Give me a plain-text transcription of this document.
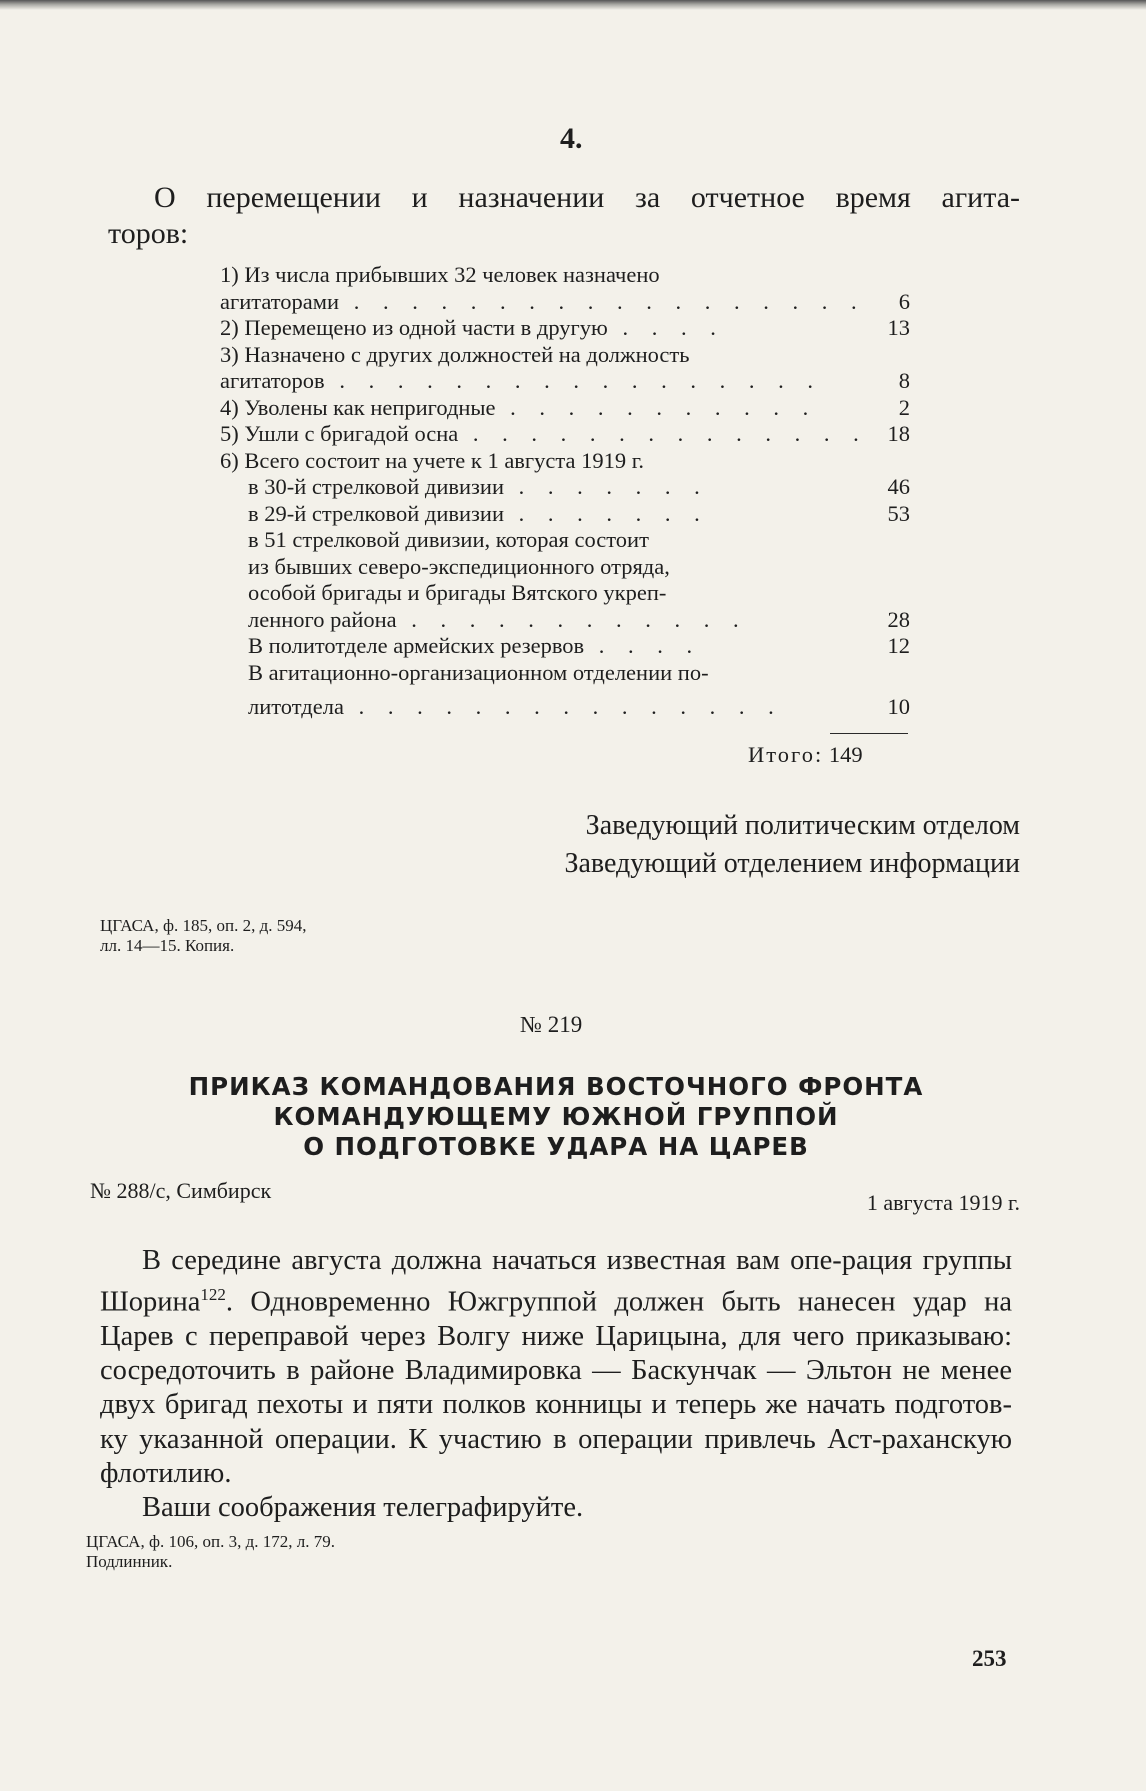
4.
О перемещении и назначении за отчетное время агита-
торов:
1) Из числа прибывших 32 человек назначено
агитаторами . . . . . . . . . . . . . . . . . . 6
2) Перемещено из одной части в другую . . . .	13
3) Назначено с других должностей на должность
агитаторов . . . . . . . . . . . . . . . . .	8
4) Уволены как непригодные . . . . . . . . . . .	2
5) Ушли с бригадой осна . . . . . . . . . . . . . . 18
6) Всего состоит на учете к 1 августа 1919 г.
в 30-й стрелковой дивизии . . . . . . .	46
в 29-й стрелковой дивизии . . . . . . .	53
в 51 стрелковой дивизии, которая состоит
из бывших северо-экспедиционного отряда,
особой бригады и бригады Вятского укреп-
ленного района . . . . . . . . . . . .	28
В политотделе армейских резервов . . . .	12
В агитационно-организационном отделении по-
литотдела . . . . . . . . . . . . . . .	10
Итого: 149
Заведующий политическим отделом
Заведующий отделением информации
ЦГАСА, ф. 185, оп. 2, д. 594,
лл. 14—15. Копия.
№ 219
ПРИКАЗ КОМАНДОВАНИЯ ВОСТОЧНОГО ФРОНТА
КОМАНДУЮЩЕМУ ЮЖНОЙ ГРУППОЙ
О ПОДГОТОВКЕ УДАРА НА ЦАРЕВ
№ 288/с, Симбирск	1 августа 1919 г.

В середине августа должна начаться известная вам опе-рация группы Шорина$^{122}$. Одновременно Южгруппой должен быть нанесен удар на Царев с переправой через Волгу ниже Царицына, для чего приказываю: сосредоточить в районе Владимировка — Баскунчак — Эльтон не менее двух бригад пехоты и пяти полков конницы и теперь же начать подготов-ку указанной операции. К участию в операции привлечь Аст-раханскую флотилию.

Ваши соображения телеграфируйте.

ЦГАСА, ф. 106, оп. 3, д. 172, л. 79.
Подлинник.
253
